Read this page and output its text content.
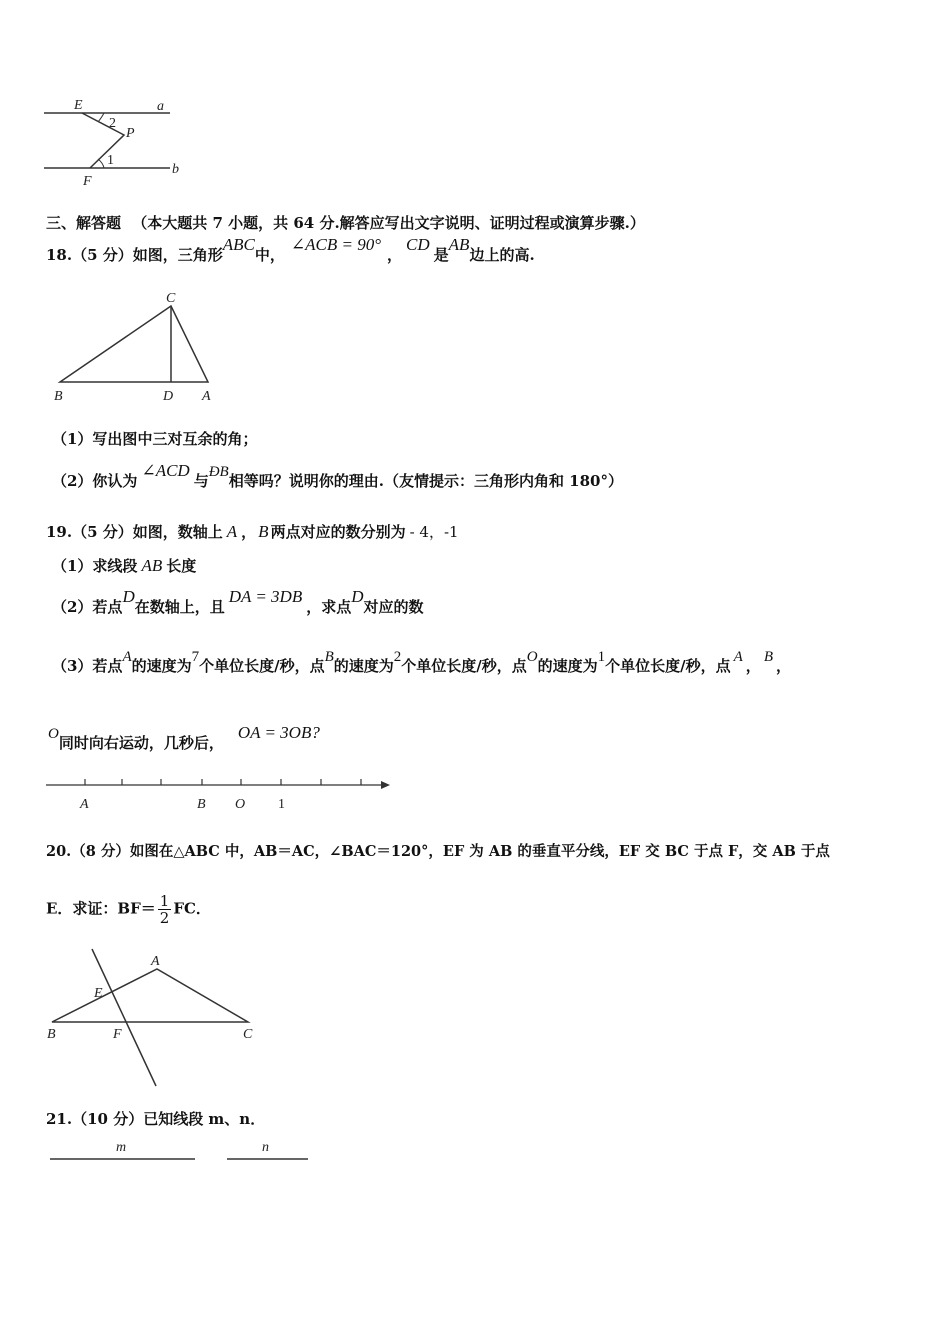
E	a
2
P
1
F
b
三、解答题 （本大题共 7 小题，共 64 分.解答应写出文字说明、证明过程或演算步骤.）
18.（5 分）如图，三角形ABC中，∠ACB = 90°，CD是AB边上的高.
C
B	D A
（1）写出图中三对互余的角；
（2）你认为∠ACD与ÐB相等吗？说明你的理由.（友情提示：三角形内角和 180°）
19.（5 分）如图，数轴上 A ， B 两点对应的数分别为 - 4，-1
（1）求线段 AB 长度
（2）若点D在数轴上，且DA = 3DB，求点D对应的数
（3）若点A的速度为7个单位长度/秒，点B的速度为2个单位长度/秒，点O的速度为1个单位长度/秒，点 A ， B ，
O同时向右运动，几秒后，OA = 3OB?
A	B O 1
20.（8 分）如图在△ABC 中，AB＝AC，∠BAC＝120°，EF 为 AB 的垂直平分线，EF 交 BC 于点 F，交 AB 于点
E．求证：$BF= \frac{1}{2}$ FC．
A
E
B	F	C
21.（10 分）已知线段 m、n．
m	n
